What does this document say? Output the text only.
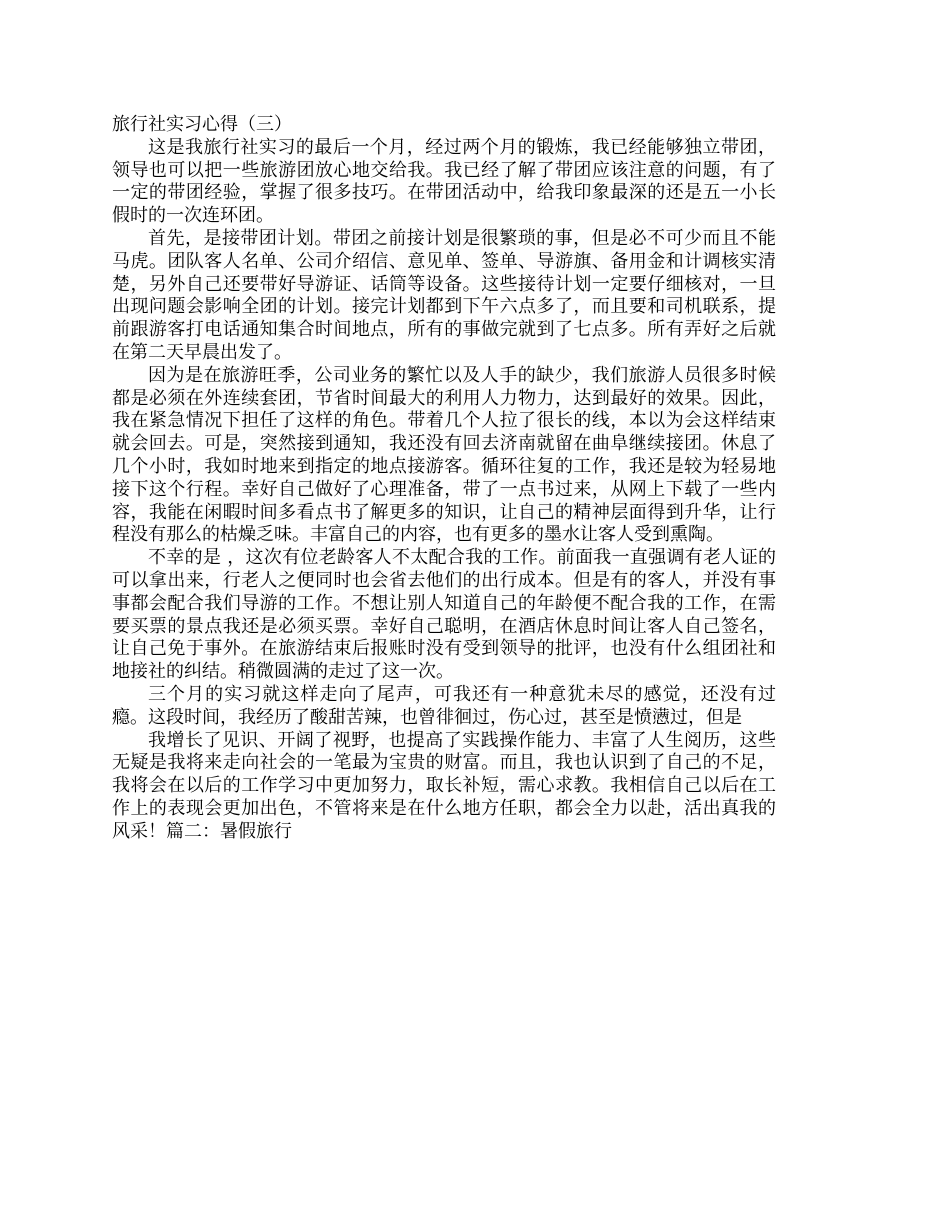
旅行社实习心得（三）

这是我旅行社实习的最后一个月，经过两个月的锻炼，我已经能够独立带团，领导也可以把一些旅游团放心地交给我。我已经了解了带团应该注意的问题，有了一定的带团经验，掌握了很多技巧。在带团活动中，给我印象最深的还是五一小长假时的一次连环团。

首先，是接带团计划。带团之前接计划是很繁琐的事，但是必不可少而且不能马虎。团队客人名单、公司介绍信、意见单、签单、导游旗、备用金和计调核实清楚，另外自己还要带好导游证、话筒等设备。这些接待计划一定要仔细核对，一旦出现问题会影响全团的计划。接完计划都到下午六点多了，而且要和司机联系，提前跟游客打电话通知集合时间地点，所有的事做完就到了七点多。所有弄好之后就在第二天早晨出发了。

因为是在旅游旺季，公司业务的繁忙以及人手的缺少，我们旅游人员很多时候都是必须在外连续套团，节省时间最大的利用人力物力，达到最好的效果。因此，我在紧急情况下担任了这样的角色。带着几个人拉了很长的线，本以为会这样结束就会回去。可是，突然接到通知，我还没有回去济南就留在曲阜继续接团。休息了几个小时，我如时地来到指定的地点接游客。循环往复的工作，我还是较为轻易地接下这个行程。幸好自己做好了心理准备，带了一点书过来，从网上下载了一些内容，我能在闲暇时间多看点书了解更多的知识，让自己的精神层面得到升华，让行程没有那么的枯燥乏味。丰富自己的内容，也有更多的墨水让客人受到熏陶。

不幸的是 ，这次有位老龄客人不太配合我的工作。前面我一直强调有老人证的可以拿出来，行老人之便同时也会省去他们的出行成本。但是有的客人，并没有事事都会配合我们导游的工作。不想让别人知道自己的年龄便不配合我的工作，在需要买票的景点我还是必须买票。幸好自己聪明，在酒店休息时间让客人自己签名，让自己免于事外。在旅游结束后报账时没有受到领导的批评，也没有什么组团社和地接社的纠结。稍微圆满的走过了这一次。

三个月的实习就这样走向了尾声，可我还有一种意犹未尽的感觉，还没有过瘾。这段时间，我经历了酸甜苦辣，也曾徘徊过，伤心过，甚至是愤懑过，但是

我增长了见识、开阔了视野，也提高了实践操作能力、丰富了人生阅历，这些无疑是我将来走向社会的一笔最为宝贵的财富。而且，我也认识到了自己的不足，我将会在以后的工作学习中更加努力，取长补短，需心求教。我相信自己以后在工作上的表现会更加出色，不管将来是在什么地方任职，都会全力以赴，活出真我的风采！篇二：暑假旅行
